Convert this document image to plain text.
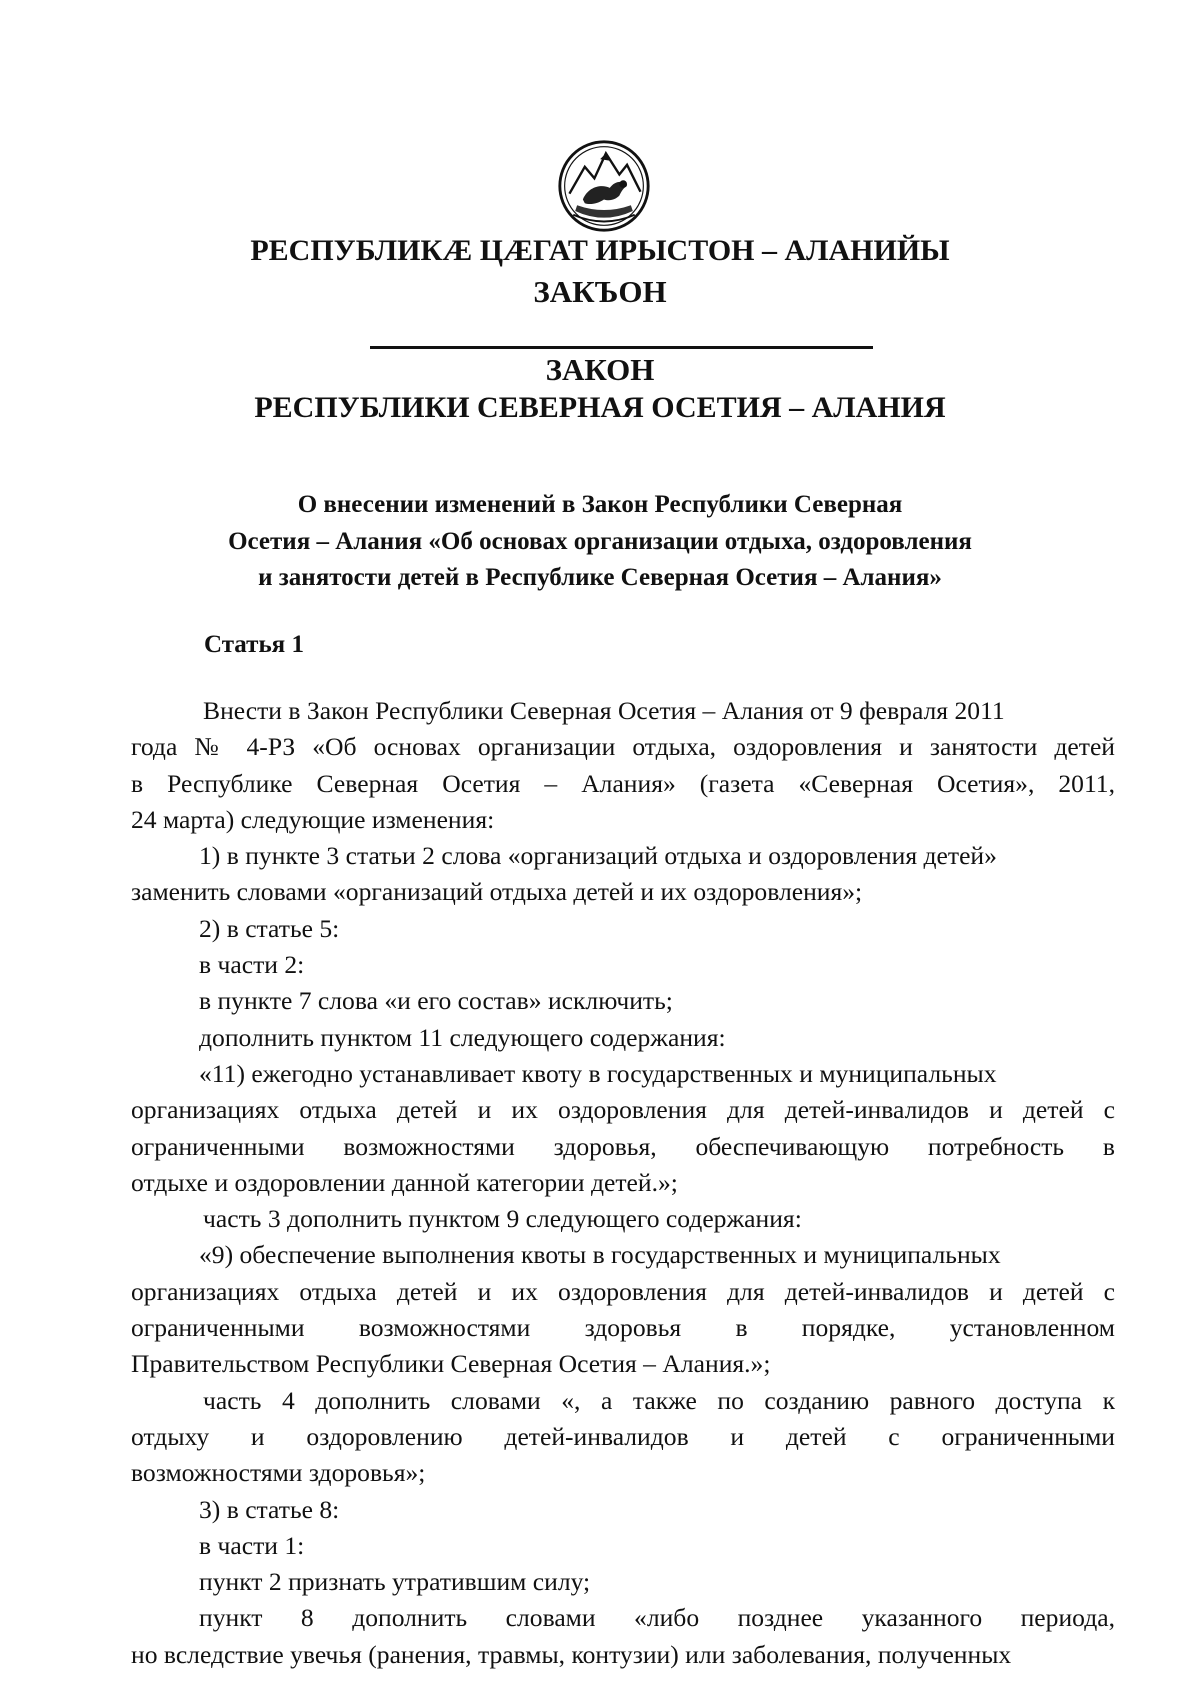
РЕСПУБЛИКÆ ЦÆГАТ ИРЫСТОН – АЛАНИЙЫ
ЗАКЪОН
ЗАКОН
РЕСПУБЛИКИ СЕВЕРНАЯ ОСЕТИЯ – АЛАНИЯ
О внесении изменений в Закон Республики Северная
Осетия – Алания «Об основах организации отдыха, оздоровления
и занятости детей в Республике Северная Осетия – Алания»
Статья 1
Внести в Закон Республики Северная Осетия – Алания от 9 февраля 2011
года № 4-РЗ «Об основах организации отдыха, оздоровления и занятости детей
в Республике Северная Осетия – Алания» (газета «Северная Осетия», 2011,
24 марта) следующие изменения:
1) в пункте 3 статьи 2 слова «организаций отдыха и оздоровления детей»
заменить словами «организаций отдыха детей и их оздоровления»;
2) в статье 5:
в части 2:
в пункте 7 слова «и его состав» исключить;
дополнить пунктом 11 следующего содержания:
«11) ежегодно устанавливает квоту в государственных и муниципальных
организациях отдыха детей и их оздоровления для детей-инвалидов и детей с
ограниченными возможностями здоровья, обеспечивающую потребность в
отдыхе и оздоровлении данной категории детей.»;
часть 3 дополнить пунктом 9 следующего содержания:
«9) обеспечение выполнения квоты в государственных и муниципальных
организациях отдыха детей и их оздоровления для детей-инвалидов и детей с
ограниченными возможностями здоровья в порядке, установленном
Правительством Республики Северная Осетия – Алания.»;
часть 4 дополнить словами «, а также по созданию равного доступа к
отдыху и оздоровлению детей-инвалидов и детей с ограниченными
возможностями здоровья»;
3) в статье 8:
в части 1:
пункт 2 признать утратившим силу;
пункт 8 дополнить словами «либо позднее указанного периода,
но вследствие увечья (ранения, травмы, контузии) или заболевания, полученных
